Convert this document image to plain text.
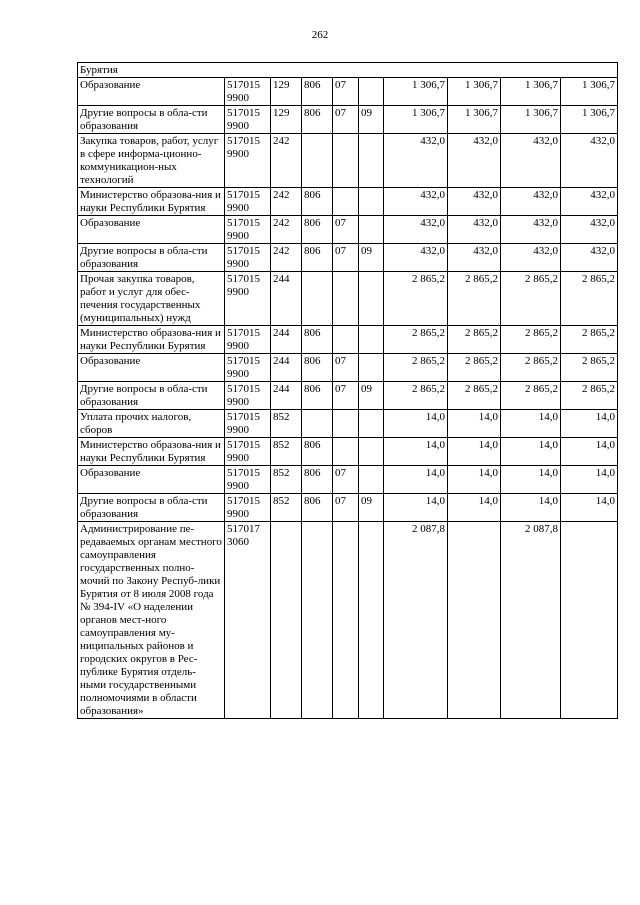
262
Бурятия									
Образование	517015 9900	129	806	07		1 306,7	1 306,7	1 306,7	1 306,7
Другие вопросы в обла-сти образования	517015 9900	129	806	07	09	1 306,7	1 306,7	1 306,7	1 306,7
Закупка товаров, работ, услуг в сфере информа-ционно-коммуникацион-ных технологий	517015 9900	242				432,0	432,0	432,0	432,0
Министерство образова-ния и науки Республики Бурятия	517015 9900	242	806			432,0	432,0	432,0	432,0
Образование	517015 9900	242	806	07		432,0	432,0	432,0	432,0
Другие вопросы в обла-сти образования	517015 9900	242	806	07	09	432,0	432,0	432,0	432,0
Прочая закупка товаров, работ и услуг для обес-печения государственных (муниципальных) нужд	517015 9900	244				2 865,2	2 865,2	2 865,2	2 865,2
Министерство образова-ния и науки Республики Бурятия	517015 9900	244	806			2 865,2	2 865,2	2 865,2	2 865,2
Образование	517015 9900	244	806	07		2 865,2	2 865,2	2 865,2	2 865,2
Другие вопросы в обла-сти образования	517015 9900	244	806	07	09	2 865,2	2 865,2	2 865,2	2 865,2
Уплата прочих налогов, сборов	517015 9900	852				14,0	14,0	14,0	14,0
Министерство образова-ния и науки Республики Бурятия	517015 9900	852	806			14,0	14,0	14,0	14,0
Образование	517015 9900	852	806	07		14,0	14,0	14,0	14,0
Другие вопросы в обла-сти образования	517015 9900	852	806	07	09	14,0	14,0	14,0	14,0
Администрирование пе-редаваемых органам местного самоуправления государственных полно-мочий по Закону Респуб-лики Бурятия от 8 июля 2008 года № 394-IV «О наделении органов мест-ного самоуправления му-ниципальных районов и городских округов в Рес-публике Бурятия отдель-ными государственными полномочиями в области образования»	517017 3060					2 087,8		2 087,8	
